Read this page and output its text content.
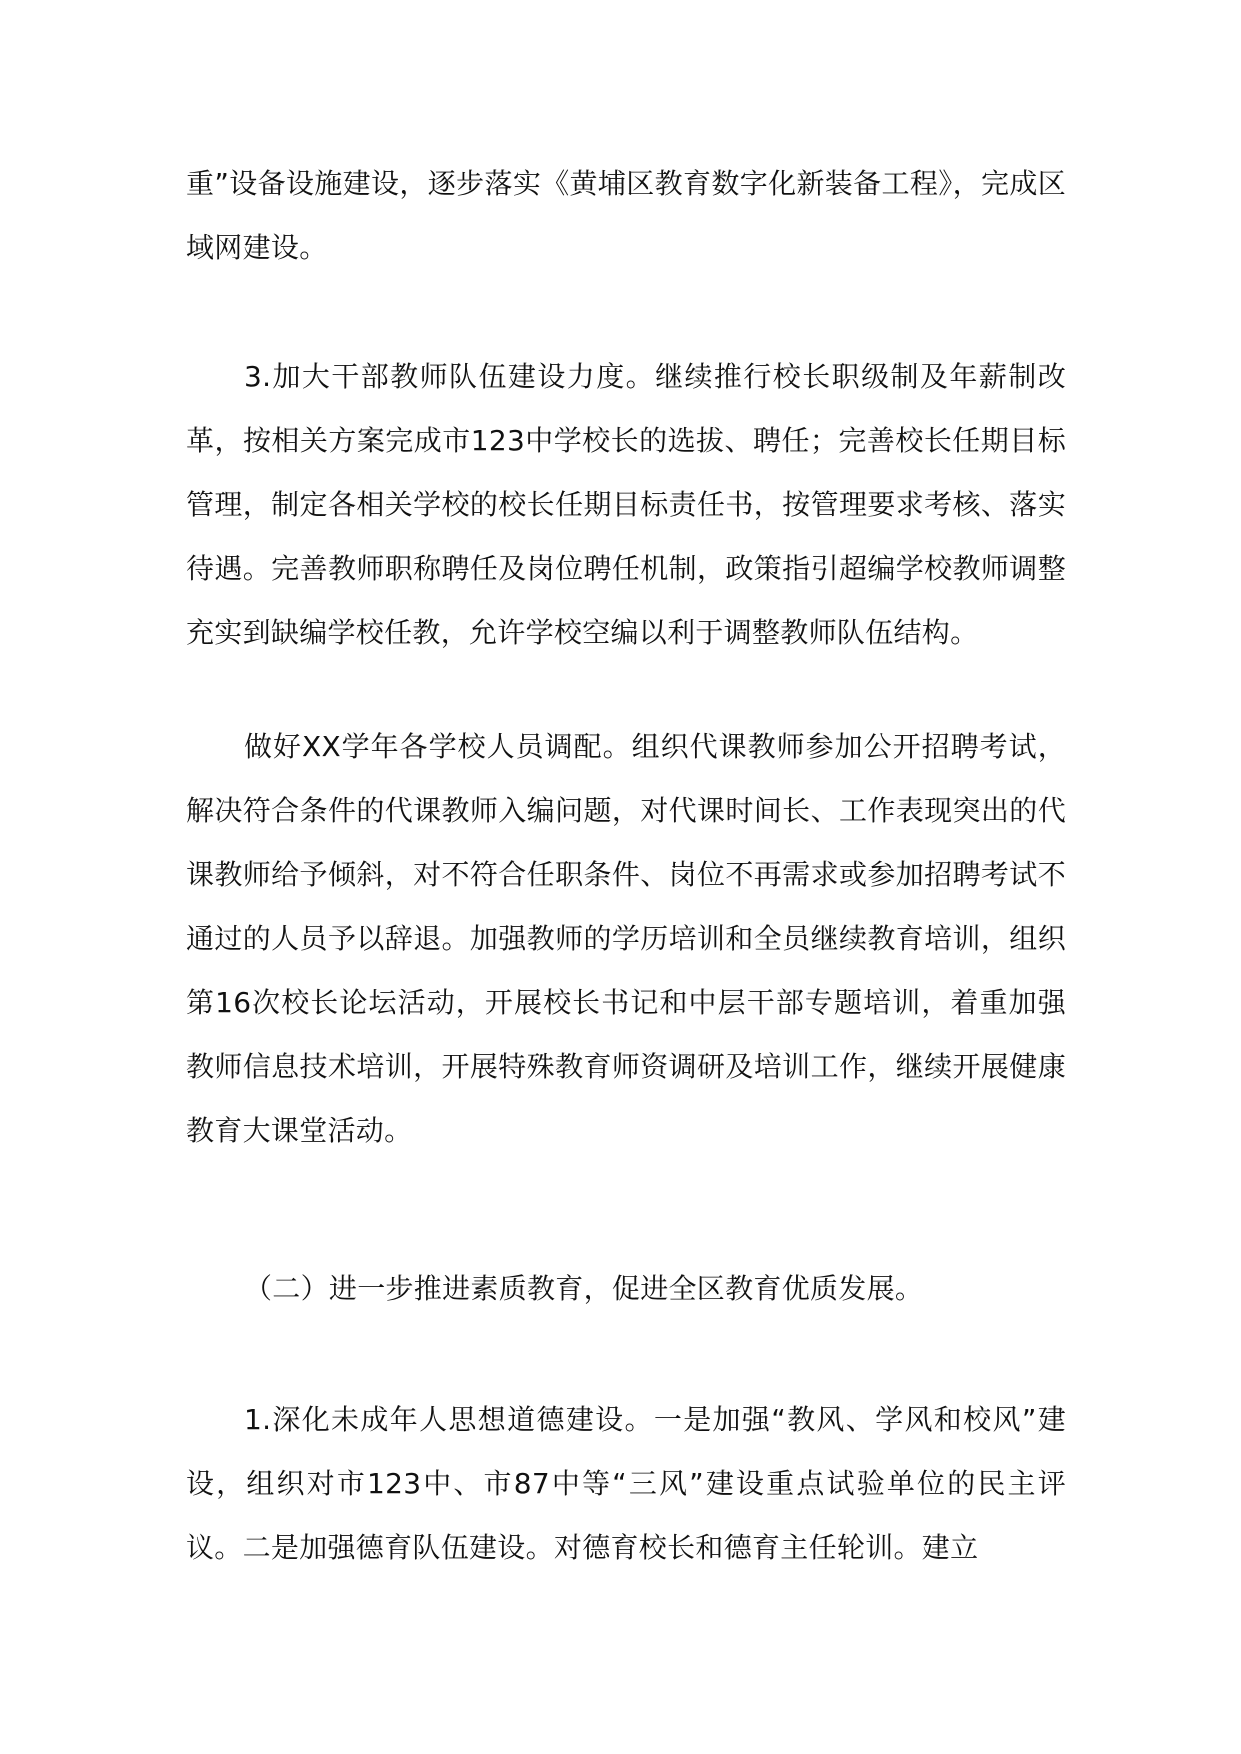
重”设备设施建设，逐步落实《黄埔区教育数字化新装备工程》，完成区域网建设。

3.加大干部教师队伍建设力度。继续推行校长职级制及年薪制改革，按相关方案完成市123中学校长的选拔、聘任；完善校长任期目标管理，制定各相关学校的校长任期目标责任书，按管理要求考核、落实待遇。完善教师职称聘任及岗位聘任机制，政策指引超编学校教师调整充实到缺编学校任教，允许学校空编以利于调整教师队伍结构。

做好XX学年各学校人员调配。组织代课教师参加公开招聘考试，解决符合条件的代课教师入编问题，对代课时间长、工作表现突出的代课教师给予倾斜，对不符合任职条件、岗位不再需求或参加招聘考试不通过的人员予以辞退。加强教师的学历培训和全员继续教育培训，组织第16次校长论坛活动，开展校长书记和中层干部专题培训，着重加强教师信息技术培训，开展特殊教育师资调研及培训工作，继续开展健康教育大课堂活动。

（二）进一步推进素质教育，促进全区教育优质发展。

1.深化未成年人思想道德建设。一是加强“教风、学风和校风”建设，组织对市123中、市87中等“三风”建设重点试验单位的民主评议。二是加强德育队伍建设。对德育校长和德育主任轮训。建立
